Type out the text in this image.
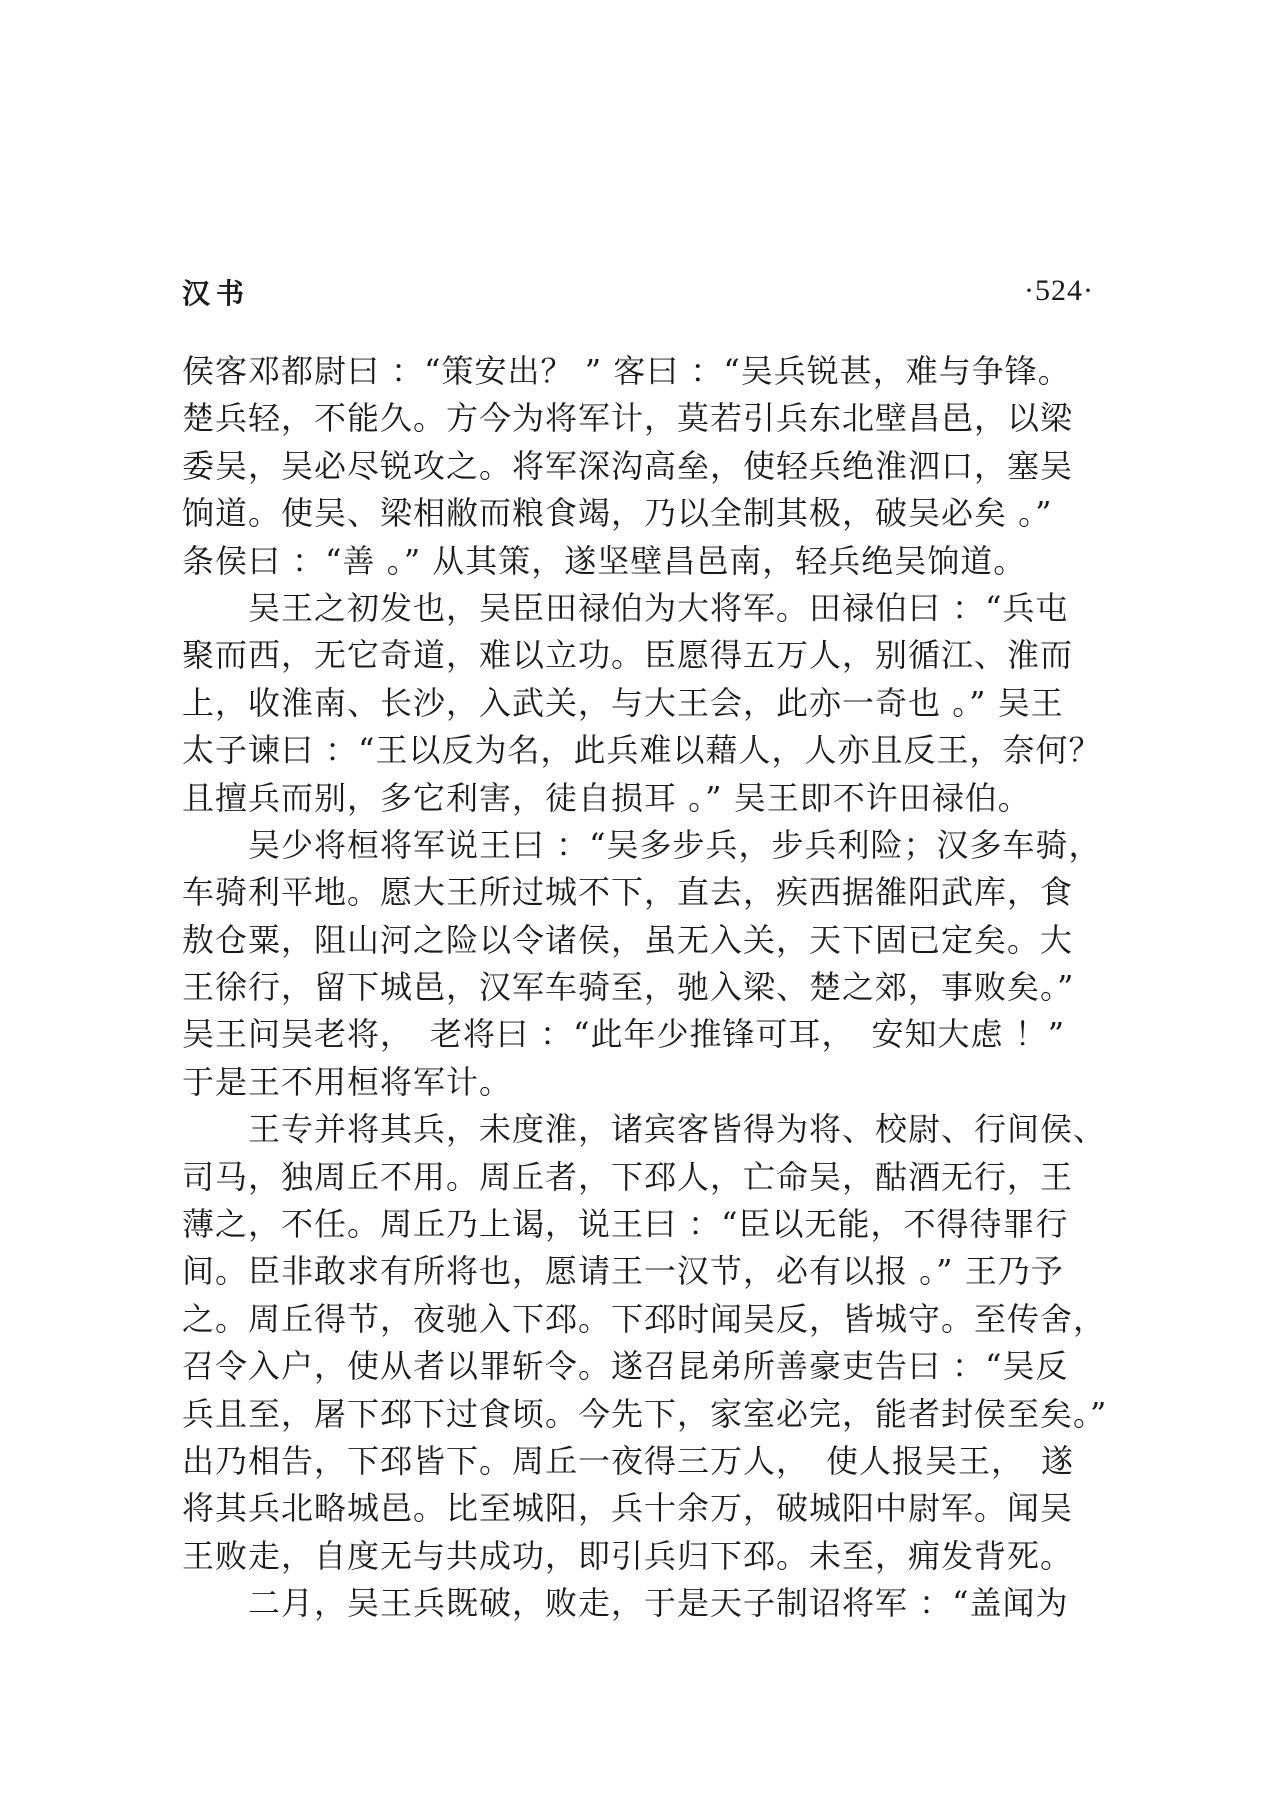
汉书	·524·
侯客邓都尉曰 ：“策安出？ ” 客曰 ：“吴兵锐甚，难与争锋。
楚兵轻，不能久。方今为将军计，莫若引兵东北壁昌邑，以梁
委吴，吴必尽锐攻之。将军深沟高垒，使轻兵绝淮泗口，塞吴
饷道。使吴、梁相敝而粮食竭，乃以全制其极，破吴必矣 。”
条侯曰 ：“善 。” 从其策，遂坚壁昌邑南，轻兵绝吴饷道。
　　吴王之初发也，吴臣田禄伯为大将军。田禄伯曰 ：“兵屯
聚而西，无它奇道，难以立功。臣愿得五万人，别循江、淮而
上，收淮南、长沙，入武关，与大王会，此亦一奇也 。” 吴王
太子谏曰 ：“王以反为名，此兵难以藉人，人亦且反王，奈何？
且擅兵而别，多它利害，徒自损耳 。” 吴王即不许田禄伯。
　　吴少将桓将军说王曰 ：“吴多步兵，步兵利险；汉多车骑，
车骑利平地。愿大王所过城不下，直去，疾西据雒阳武库，食
敖仓粟，阻山河之险以令诸侯，虽无入关，天下固已定矣。大
王徐行，留下城邑，汉军车骑至，驰入梁、楚之郊，事败矣。”
吴王问吴老将，　老将曰 ：“此年少推锋可耳，　安知大虑 ！”
于是王不用桓将军计。
　　王专并将其兵，未度淮，诸宾客皆得为将、校尉、行间侯、
司马，独周丘不用。周丘者，下邳人，亡命吴，酤酒无行，王
薄之，不任。周丘乃上谒，说王曰 ：“臣以无能，不得待罪行
间。臣非敢求有所将也，愿请王一汉节，必有以报 。” 王乃予
之。周丘得节，夜驰入下邳。下邳时闻吴反，皆城守。至传舍，
召令入户，使从者以罪斩令。遂召昆弟所善豪吏告曰 ：“吴反
兵且至，屠下邳下过食顷。今先下，家室必完，能者封侯至矣。”
出乃相告，下邳皆下。周丘一夜得三万人，　使人报吴王，　遂
将其兵北略城邑。比至城阳，兵十余万，破城阳中尉军。闻吴
王败走，自度无与共成功，即引兵归下邳。未至，痈发背死。
　　二月，吴王兵既破，败走，于是天子制诏将军 ：“盖闻为
